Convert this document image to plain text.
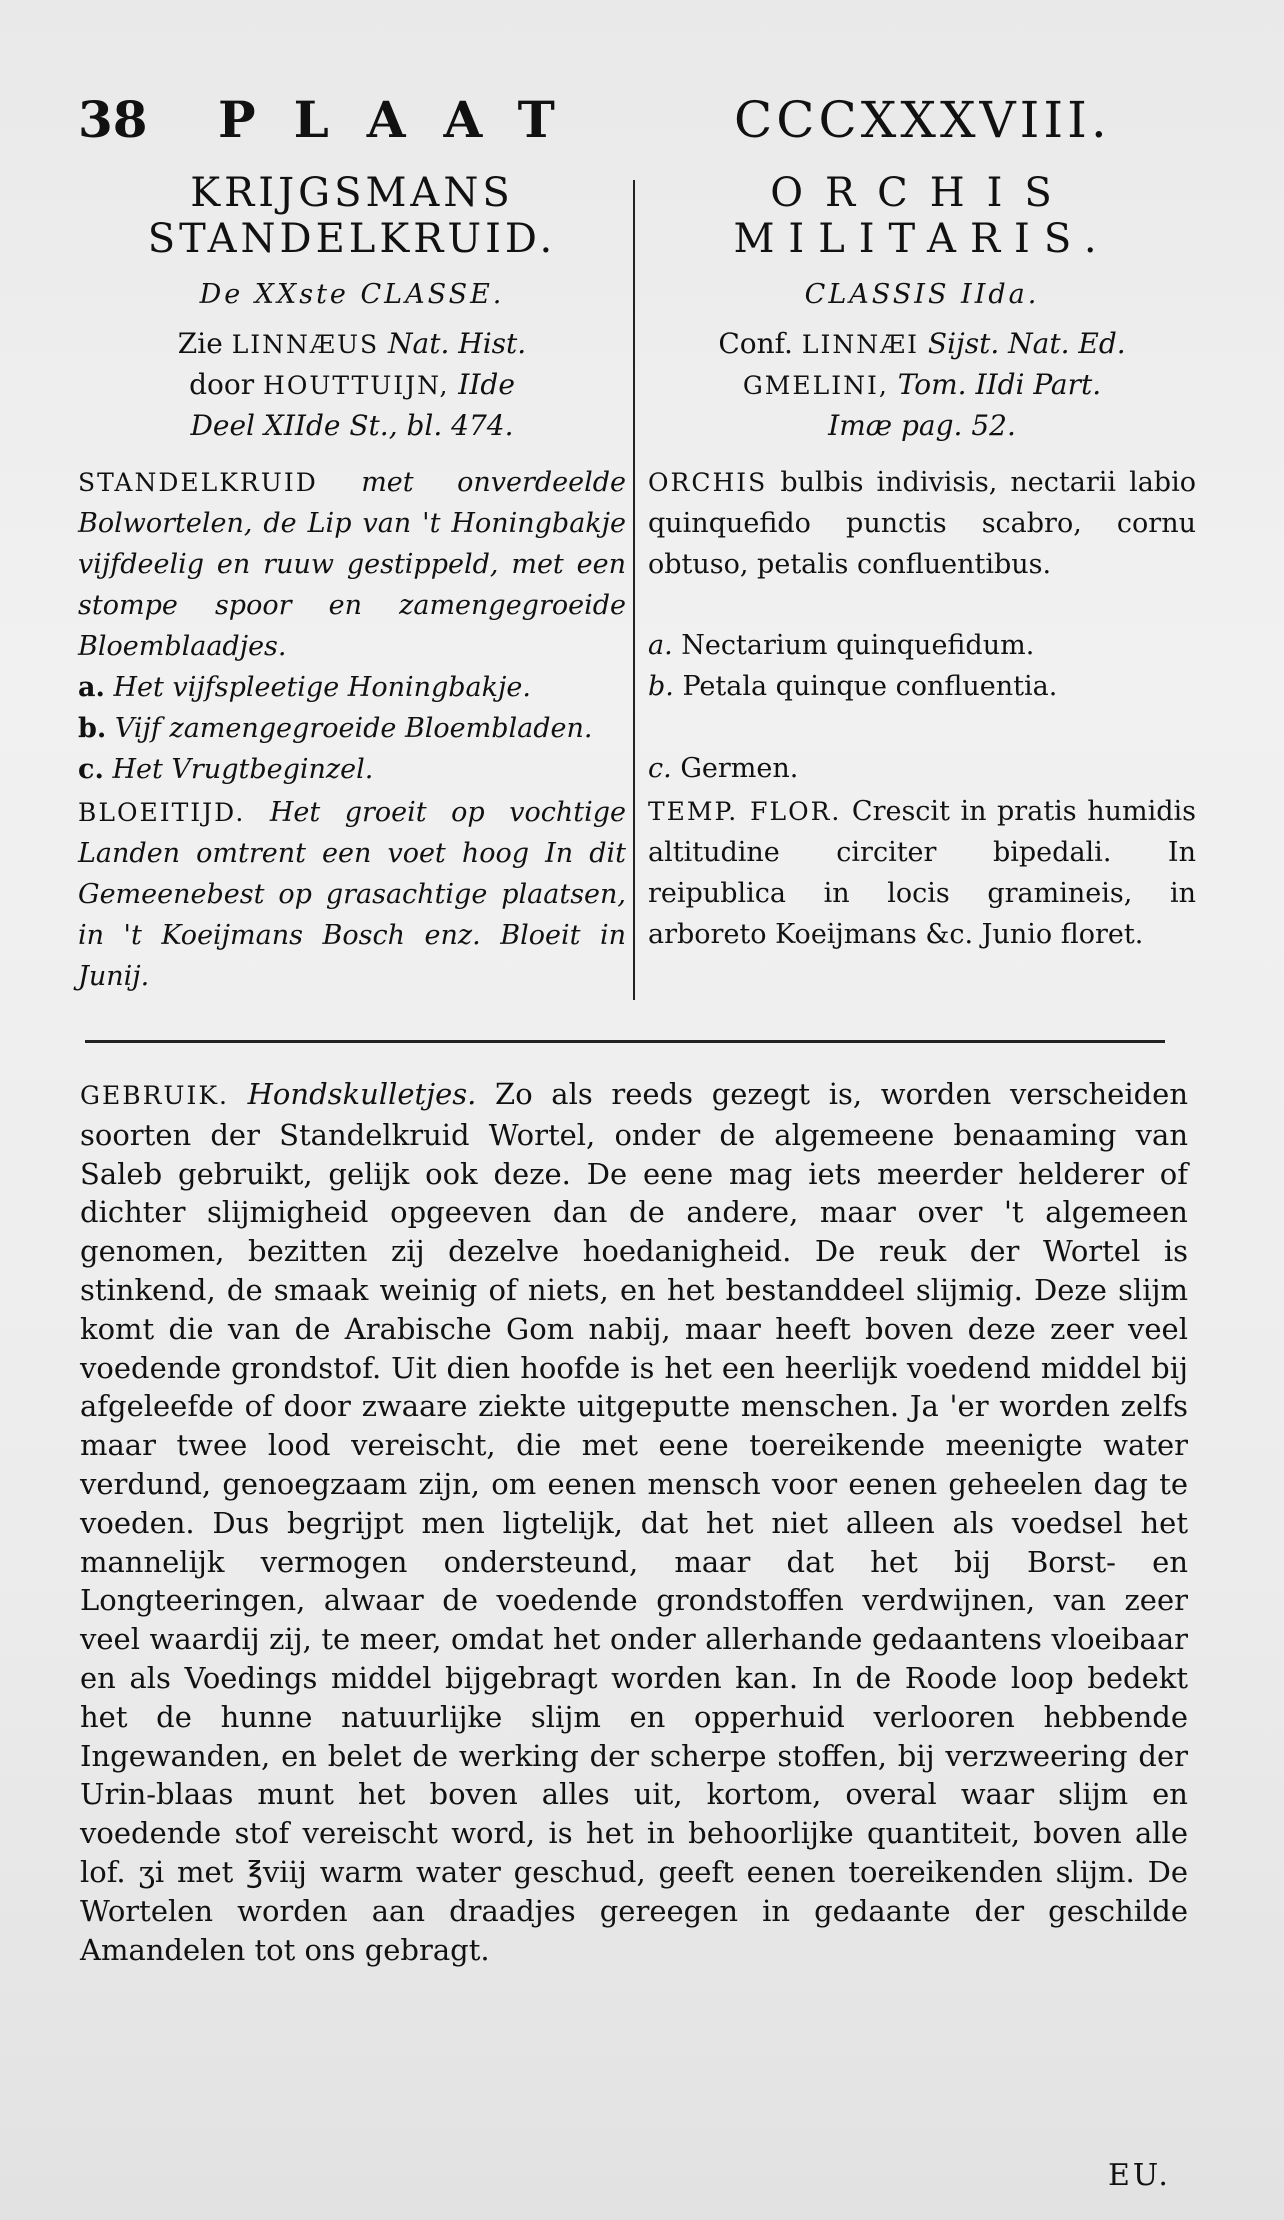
38 PLAAT	CCCXXXVIII.
KRIJGSMANS
STANDELKRUID.
De XXste CLASSE.
Zie LINNÆUS Nat. Hist.
door HOUTTUIJN, IIde
Deel XIIde St., bl. 474.
STANDELKRUID met onverdeelde Bolwortelen, de Lip van 't Honingbakje vijfdeelig en ruuw gestippeld, met een stompe spoor en zamengegroeide Bloemblaadjes.
a. Het vijfspleetige Honingbakje.
b. Vijf zamengegroeide Bloembladen.
c. Het Vrugtbeginzel.
BLOEITIJD. Het groeit op vochtige Landen omtrent een voet hoog In dit Gemeenebest op grasachtige plaatsen, in 't Koeijmans Bosch enz. Bloeit in Junij.
ORCHIS
MILITARIS.
CLASSIS IIda.
Conf. LINNÆI Sijst. Nat. Ed.
GMELINI, Tom. IIdi Part.
Imæ pag. 52.
ORCHIS bulbis indivisis, nectarii labio quinquefido punctis scabro, cornu obtuso, petalis confluentibus.
a. Nectarium quinquefidum.
b. Petala quinque confluentia.
c. Germen.
TEMP. FLOR. Crescit in pratis humidis altitudine circiter bipedali. In reipublica in locis gramineis, in arboreto Koeijmans &c. Junio floret.
GEBRUIK. Hondskulletjes. Zo als reeds gezegt is, worden verscheiden soorten der Standelkruid Wortel, onder de algemeene benaaming van Saleb gebruikt, gelijk ook deze. De eene mag iets meerder helderer of dichter slijmigheid opgeeven dan de andere, maar over 't algemeen genomen, bezitten zij dezelve hoedanigheid. De reuk der Wortel is stinkend, de smaak weinig of niets, en het bestanddeel slijmig. Deze slijm komt die van de Arabische Gom nabij, maar heeft boven deze zeer veel voedende grondstof. Uit dien hoofde is het een heerlijk voedend middel bij afgeleefde of door zwaare ziekte uitgeputte menschen. Ja 'er worden zelfs maar twee lood vereischt, die met eene toereikende meenigte water verdund, genoegzaam zijn, om eenen mensch voor eenen geheelen dag te voeden. Dus begrijpt men ligtelijk, dat het niet alleen als voedsel het mannelijk vermogen ondersteund, maar dat het bij Borst- en Longteeringen, alwaar de voedende grondstoffen verdwijnen, van zeer veel waardij zij, te meer, omdat het onder allerhande gedaantens vloeibaar en als Voedings middel bijgebragt worden kan. In de Roode loop bedekt het de hunne natuurlijke slijm en opperhuid verlooren hebbende Ingewanden, en belet de werking der scherpe stoffen, bij verzweering der Urin-blaas munt het boven alles uit, kortom, overal waar slijm en voedende stof vereischt word, is het in behoorlijke quantiteit, boven alle lof. ʒi met ℥viij warm water geschud, geeft eenen toereikenden slijm. De Wortelen worden aan draadjes gereegen in gedaante der geschilde Amandelen tot ons gebragt.
EU.
